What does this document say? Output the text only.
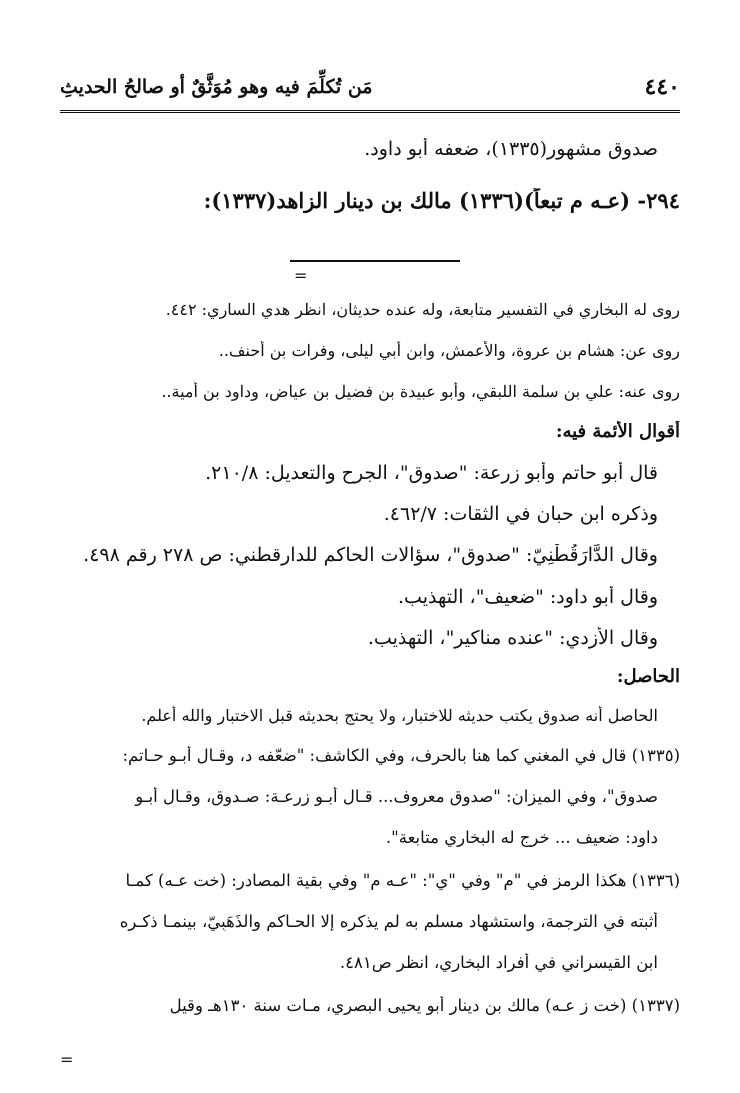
٤٤٠
مَن تُكلِّمَ فيه وهو مُوَثَّقٌ أو صالحُ الحديثِ
صدوق مشهور(١٣٣٥)، ضعفه أبو داود.
٢٩٤- (عـه م تبعاً)(١٣٣٦) مالك بن دينار الزاهد(١٣٣٧):
=
روى له البخاري في التفسير متابعة، وله عنده حديثان، انظر هدي الساري: ٤٤٢.
روى عن: هشام بن عروة، والأعمش، وابن أبي ليلى، وفرات بن أحنف..
روى عنه: علي بن سلمة اللبقي، وأبو عبيدة بن فضيل بن عياض، وداود بن أمية..
أقوال الأئمة فيه:
قال أبو حاتم وأبو زرعة: "صدوق"، الجرح والتعديل: ٢١٠/٨.
وذكره ابن حبان في الثقات: ٤٦٢/٧.
وقال الدَّارَقُطْنِيّ: "صدوق"، سؤالات الحاكم للدارقطني: ص ٢٧٨ رقم ٤٩٨.
وقال أبو داود: "ضعيف"، التهذيب.
وقال الأزدي: "عنده مناكير"، التهذيب.
الحاصل:
الحاصل أنه صدوق يكتب حديثه للاختبار، ولا يحتج بحديثه قبل الاختبار والله أعلم.
(١٣٣٥) قال في المغني كما هنا بالحرف، وفي الكاشف: "ضعّفه د، وقـال أبـو حـاتم:
صدوق"، وفي الميزان: "صدوق معروف... قـال أبـو زرعـة: صـدوق، وقـال أبـو
داود: ضعيف ... خرج له البخاري متابعة".
(١٣٣٦) هكذا الرمز في "م" وفي "ي": "عـه م" وفي بقية المصادر: (خت عـه) كمـا
أثبته في الترجمة، واستشهاد مسلم به لم يذكره إلا الحـاكم والذَهَبِيّ، بينمـا ذكـره
ابن القيسراني في أفراد البخاري، انظر ص٤٨١.
(١٣٣٧) (خت ز عـه) مالك بن دينار أبو يحيى البصري، مـات سنة ١٣٠هـ وقيل
=
